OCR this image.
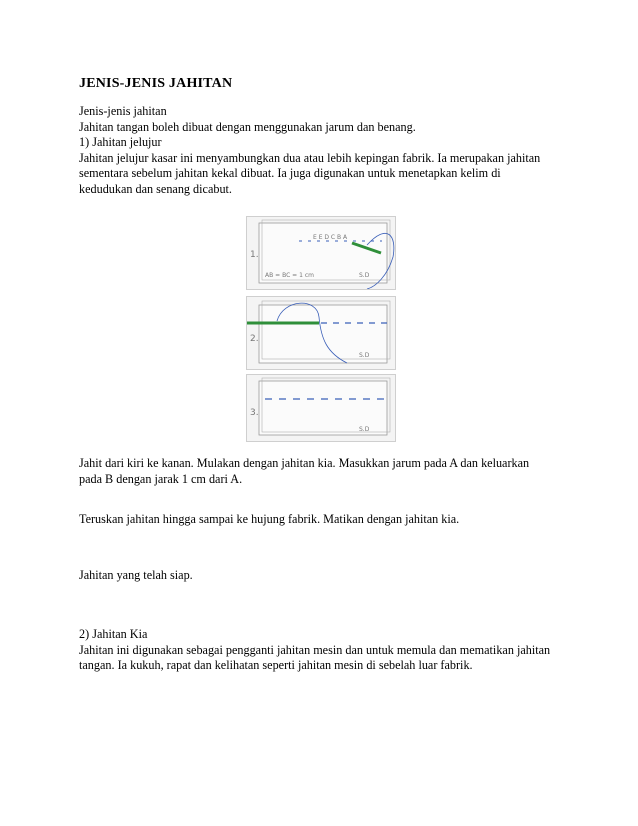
JENIS-JENIS JAHITAN
Jenis-jenis jahitan
Jahitan tangan boleh dibuat dengan menggunakan jarum dan benang.
1) Jahitan jelujur
Jahitan jelujur kasar ini menyambungkan dua atau lebih kepingan fabrik. Ia merupakan jahitan
sementara sebelum jahitan kekal dibuat. Ia juga digunakan untuk menetapkan kelim di
kedudukan dan senang dicabut.
1.
E E D C B A
AB = BC = 1 cm	S.D
2.
S.D
3.
S.D
Jahit dari kiri ke kanan. Mulakan dengan jahitan kia. Masukkan jarum pada A dan keluarkan
pada B dengan jarak 1 cm dari A.
Teruskan jahitan hingga sampai ke hujung fabrik. Matikan dengan jahitan kia.
Jahitan yang telah siap.
2) Jahitan Kia
Jahitan ini digunakan sebagai pengganti jahitan mesin dan untuk memula dan mematikan jahitan
tangan. Ia kukuh, rapat dan kelihatan seperti jahitan mesin di sebelah luar fabrik.
